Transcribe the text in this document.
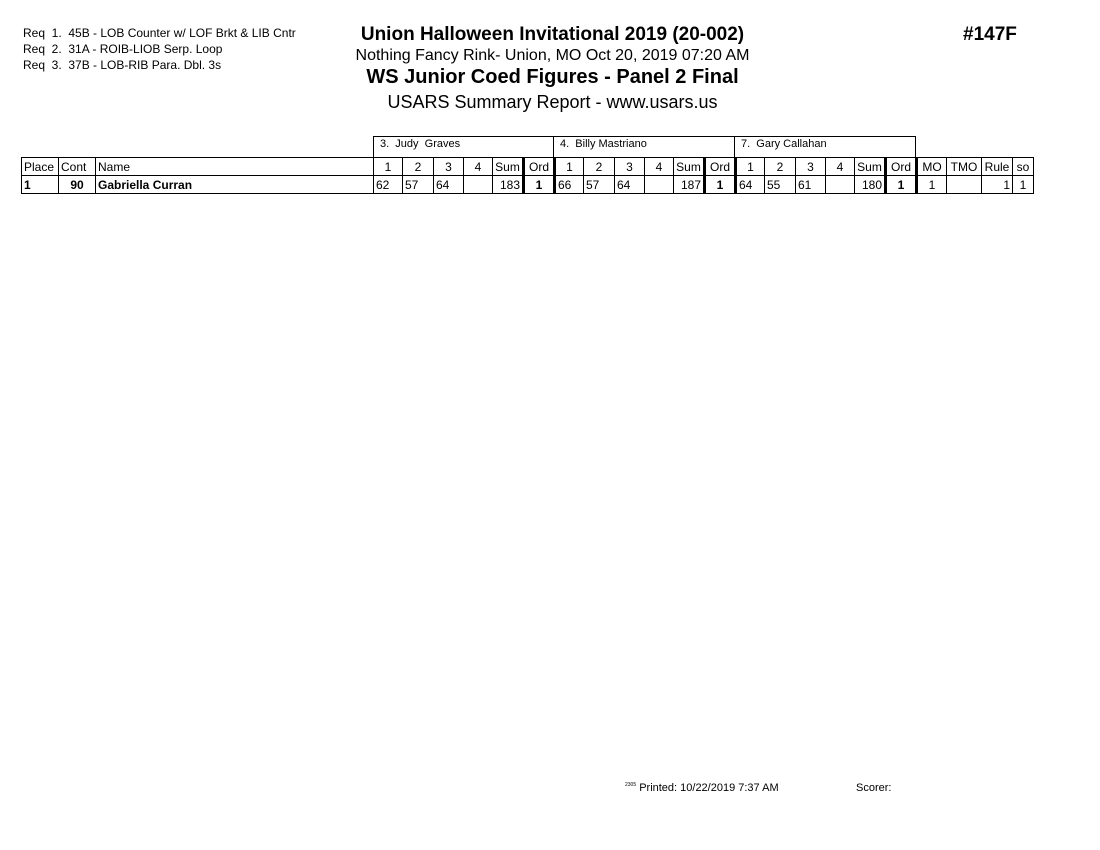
Req  1.  45B - LOB Counter w/ LOF Brkt & LIB Cntr
Req  2.  31A - ROIB-LIOB Serp. Loop
Req  3.  37B - LOB-RIB Para. Dbl. 3s
Union Halloween Invitational 2019 (20-002)
Nothing Fancy Rink- Union, MO Oct 20, 2019 07:20 AM
WS Junior Coed Figures - Panel 2 Final
USARS Summary Report - www.usars.us
#147F
3.  Judy  Graves	4.  Billy Mastriano	7.  Gary Callahan
Place	Cont	Name	1	2	3	4	Sum	Ord	1	2	3	4	Sum	Ord	1	2	3	4	Sum	Ord	MO	TMO	Rule	so
1	90	Gabriella Curran	62	57	64		183	1	66	57	64		187	1	64	55	61		180	1	1		1	1
$^{2305}$ Printed: 10/22/2019 7:37 AM	Scorer:
